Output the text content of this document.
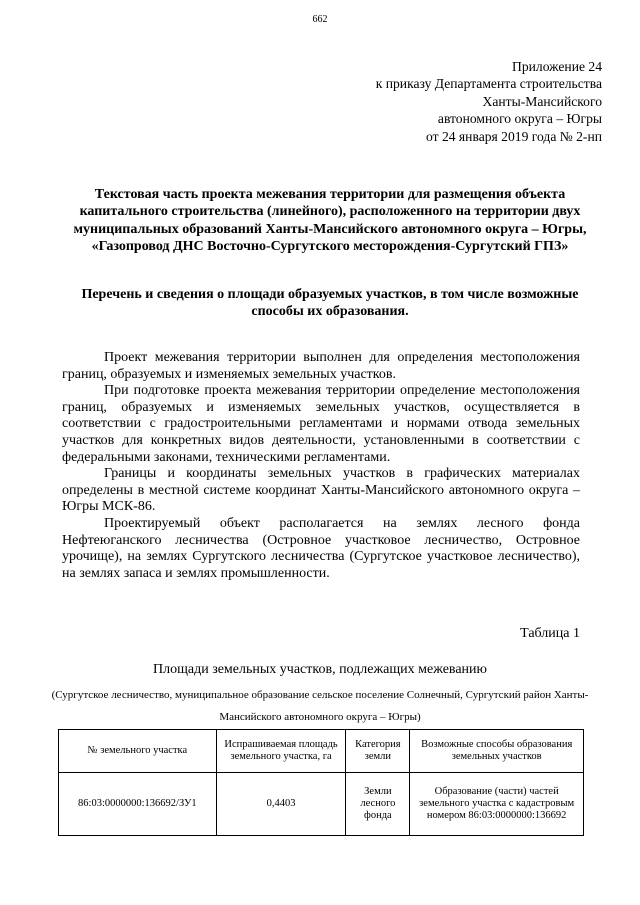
662
Приложение 24
к приказу Департамента строительства
Ханты-Мансийского
автономного округа – Югры
от 24 января 2019 года № 2-нп
Текстовая часть проекта межевания территории для размещения объекта капитального строительства (линейного), расположенного на территории двух муниципальных образований Ханты-Мансийского автономного округа – Югры, «Газопровод ДНС Восточно-Сургутского месторождения-Сургутский ГПЗ»
Перечень и сведения о площади образуемых участков, в том числе возможные способы их образования.

Проект межевания территории выполнен для определения местоположения границ, образуемых и изменяемых земельных участков.

При подготовке проекта межевания территории определение местоположения границ, образуемых и изменяемых земельных участков, осуществляется в соответствии с градостроительными регламентами и нормами отвода земельных участков для конкретных видов деятельности, установленными в соответствии с федеральными законами, техническими регламентами.

Границы и координаты земельных участков в графических материалах определены в местной системе координат Ханты-Мансийского автономного округа – Югры МСК-86.

Проектируемый объект располагается на землях лесного фонда Нефтеюганского лесничества (Островное участковое лесничество, Островное урочище), на землях Сургутского лесничества (Сургутское участковое лесничество), на землях запаса и землях промышленности.

Таблица 1
Площади земельных участков, подлежащих межеванию
(Сургутское лесничество, муниципальное образование сельское поселение Солнечный, Сургутский район Ханты-Мансийского автономного округа – Югры)
№ земельного участка	Испрашиваемая площадь земельного участка, га	Категория земли	Возможные способы образования земельных участков
86:03:0000000:136692/ЗУ1	0,4403	Земли лесного фонда	Образование (части) частей земельного участка с кадастровым номером 86:03:0000000:136692
